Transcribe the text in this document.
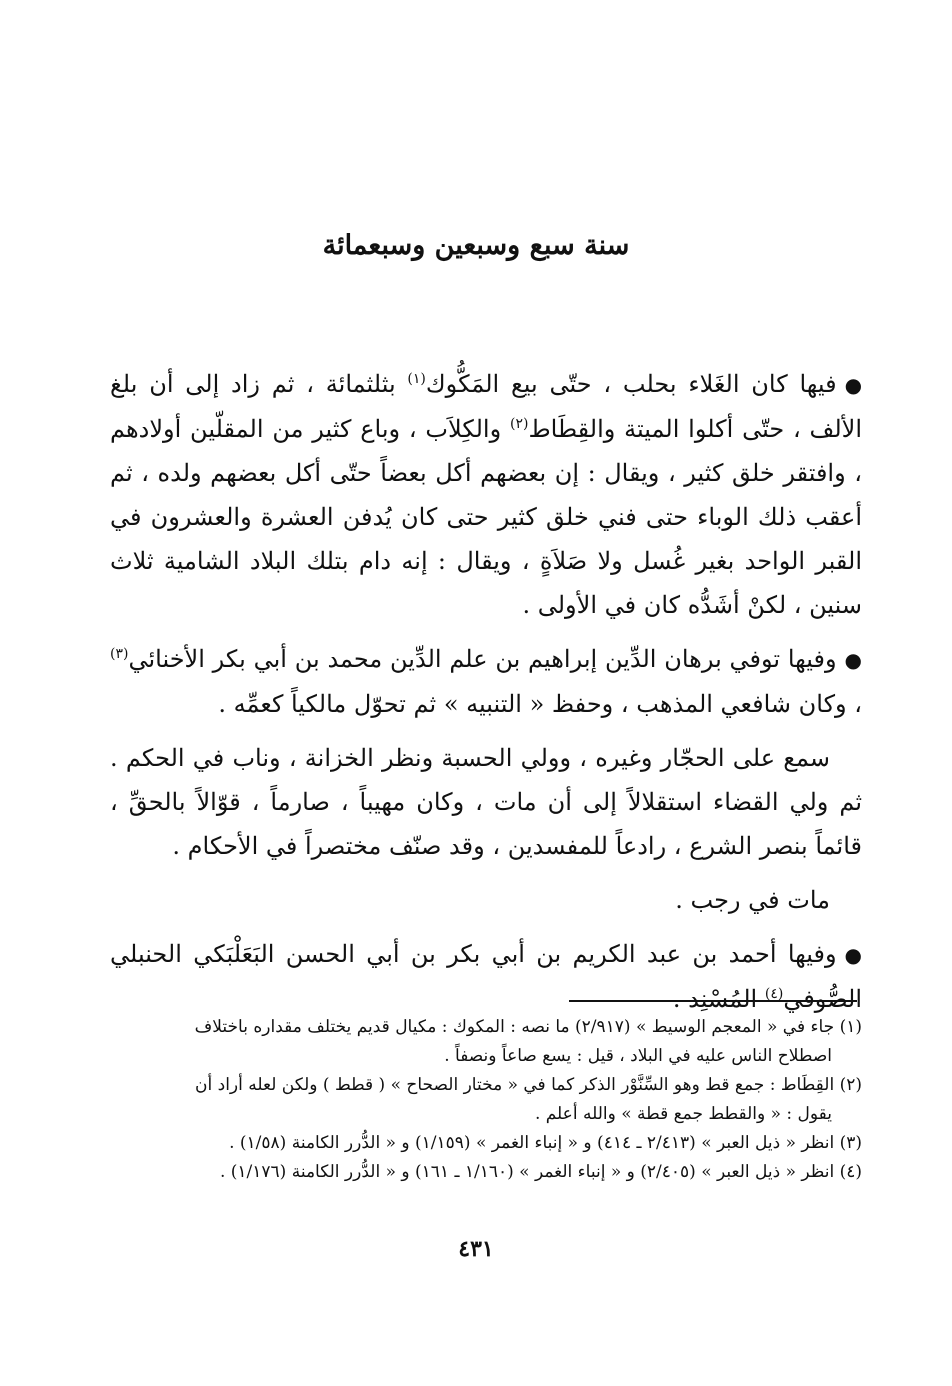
سنة سبع وسبعين وسبعمائة

●فيها كان الغَلاء بحلب ، حتّى بيع المَكُّوك$^{(١)}$ بثلثمائة ، ثم زاد إلى أن بلغ الألف ، حتّى أكلوا الميتة والقِطَاط$^{(٢)}$ والكِلاَب ، وباع كثير من المقلّين أولادهم ، وافتقر خلق كثير ، ويقال : إن بعضهم أكل بعضاً حتّى أكل بعضهم ولده ، ثم أعقب ذلك الوباء حتى فني خلق كثير حتى كان يُدفن العشرة والعشرون في القبر الواحد بغير غُسل ولا صَلاَةٍ ، ويقال : إنه دام بتلك البلاد الشامية ثلاث سنين ، لكنْ أشَدُّه كان في الأولى .

●وفيها توفي برهان الدِّين إبراهيم بن علم الدِّين محمد بن أبي بكر الأخنائي$^{(٣)}$ ، وكان شافعي المذهب ، وحفظ « التنبيه » ثم تحوّل مالكياً كعمِّه .

سمع على الحجّار وغيره ، وولي الحسبة ونظر الخزانة ، وناب في الحكم . ثم ولي القضاء استقلالاً إلى أن مات ، وكان مهيباً ، صارماً ، قوّالاً بالحقِّ ، قائماً بنصر الشرع ، رادعاً للمفسدين ، وقد صنّف مختصراً في الأحكام .

مات في رجب .

●وفيها أحمد بن عبد الكريم بن أبي بكر بن أبي الحسن البَعَلْبَكي الحنبلي الصُّوفي$^{(٤)}$ المُسْنِد .

(١) جاء في « المعجم الوسيط » (٢/٩١٧) ما نصه : المكوك : مكيال قديم يختلف مقداره باختلاف

اصطلاح الناس عليه في البلاد ، قيل : يسع صاعاً ونصفاً .

(٢) القِطَاط : جمع قط وهو السِّنَّوْر الذكر كما في « مختار الصحاح » ( قطط ) ولكن لعله أراد أن

يقول : « والقطط جمع قطة » والله أعلم .

(٣) انظر « ذيل العبر » (٢/٤١٣ ـ ٤١٤) و « إنباء الغمر » (١/١٥٩) و « الدُّرر الكامنة (١/٥٨) .

(٤) انظر « ذيل العبر » (٢/٤٠٥) و « إنباء الغمر » (١/١٦٠ ـ ١٦١) و « الدُّرر الكامنة (١/١٧٦) .

٤٣١
